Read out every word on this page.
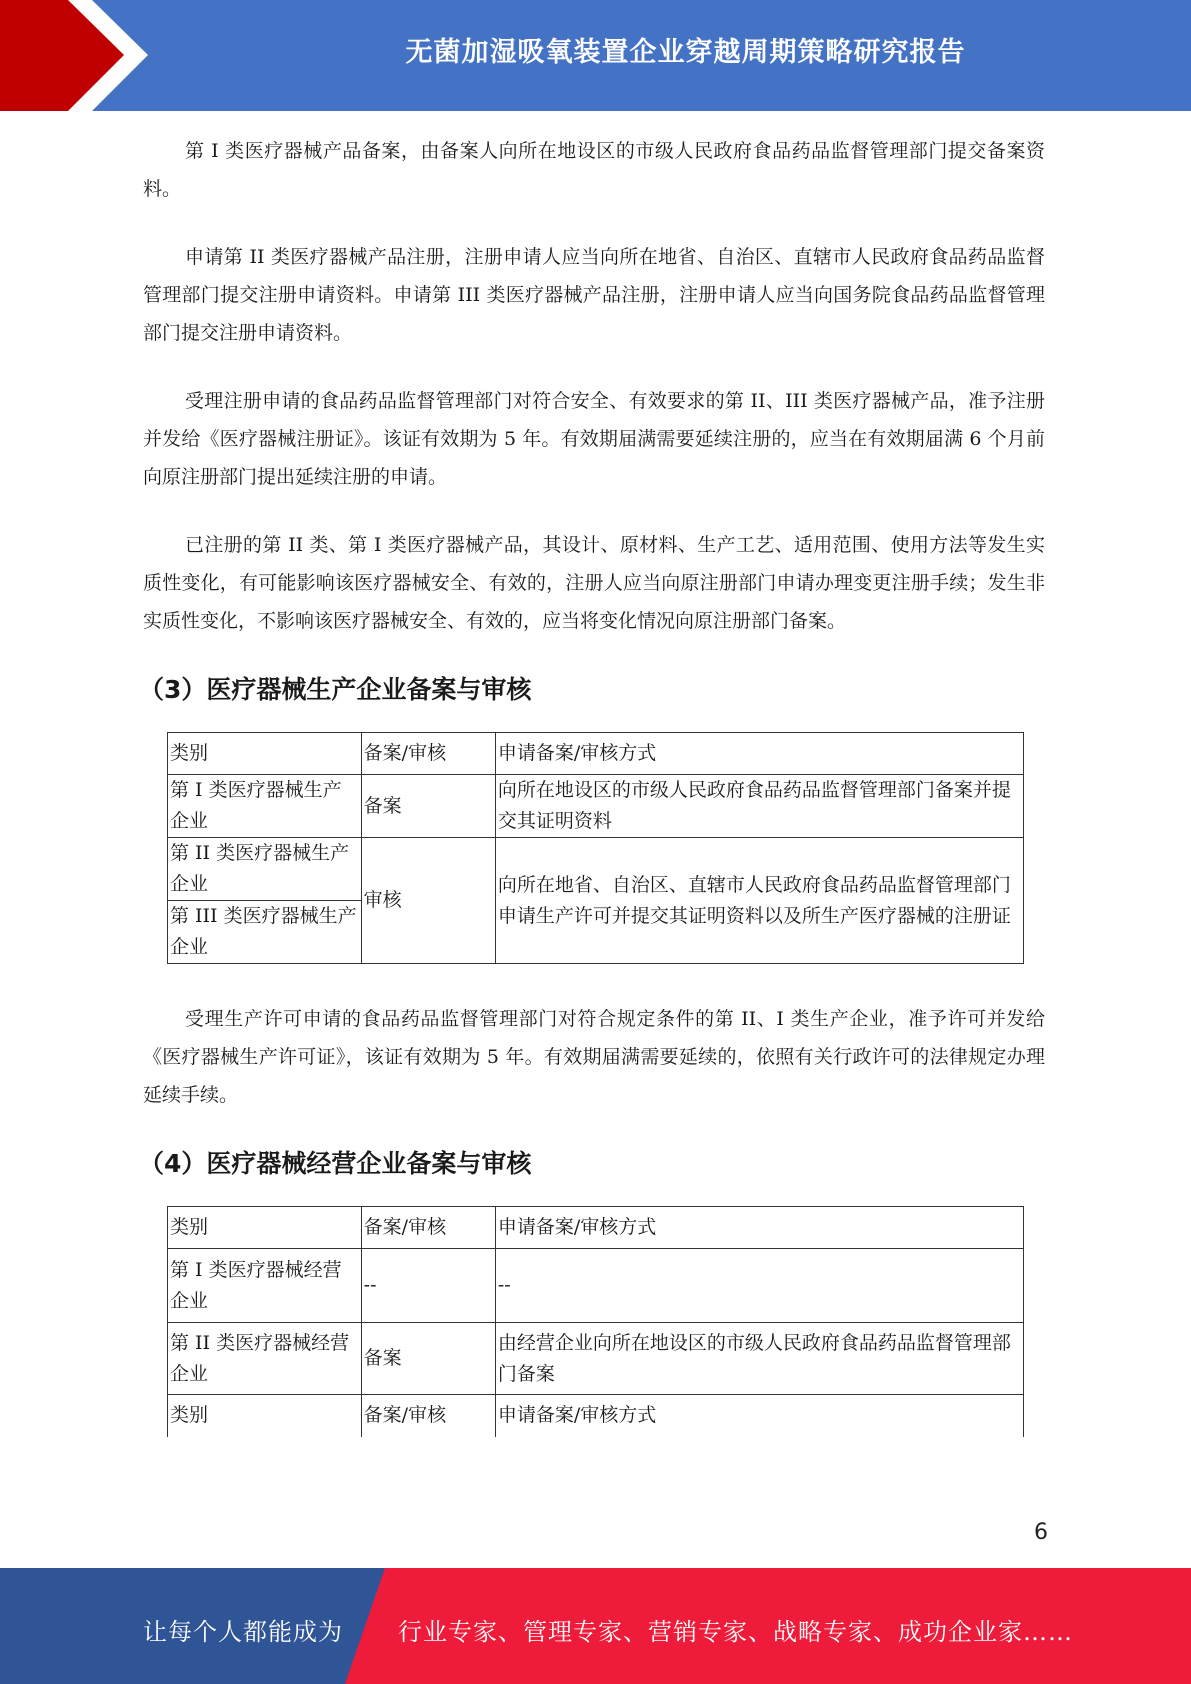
无菌加湿吸氧装置企业穿越周期策略研究报告

第 I 类医疗器械产品备案，由备案人向所在地设区的市级人民政府食品药品监督管理部门提交备案资料。

申请第 II 类医疗器械产品注册，注册申请人应当向所在地省、自治区、直辖市人民政府食品药品监督管理部门提交注册申请资料。申请第 III 类医疗器械产品注册，注册申请人应当向国务院食品药品监督管理部门提交注册申请资料。

受理注册申请的食品药品监督管理部门对符合安全、有效要求的第 II、III 类医疗器械产品，准予注册并发给《医疗器械注册证》。该证有效期为 5 年。有效期届满需要延续注册的，应当在有效期届满 6 个月前向原注册部门提出延续注册的申请。

已注册的第 II 类、第 I 类医疗器械产品，其设计、原材料、生产工艺、适用范围、使用方法等发生实质性变化，有可能影响该医疗器械安全、有效的，注册人应当向原注册部门申请办理变更注册手续；发生非实质性变化，不影响该医疗器械安全、有效的，应当将变化情况向原注册部门备案。

（3）医疗器械生产企业备案与审核
类别	备案/审核	申请备案/审核方式
第 I 类医疗器械生产企业	备案	向所在地设区的市级人民政府食品药品监督管理部门备案并提交其证明资料
第 II 类医疗器械生产企业	审核	向所在地省、自治区、直辖市人民政府食品药品监督管理部门申请生产许可并提交其证明资料以及所生产医疗器械的注册证
第 III 类医疗器械生产企业		

受理生产许可申请的食品药品监督管理部门对符合规定条件的第 II、I 类生产企业，准予许可并发给《医疗器械生产许可证》，该证有效期为 5 年。有效期届满需要延续的，依照有关行政许可的法律规定办理延续手续。

（4）医疗器械经营企业备案与审核
类别	备案/审核	申请备案/审核方式
第 I 类医疗器械经营企业	--	--
第 II 类医疗器械经营企业	备案	由经营企业向所在地设区的市级人民政府食品药品监督管理部门备案
类别	备案/审核	申请备案/审核方式
6
让每个人都能成为 行业专家、管理专家、营销专家、战略专家、成功企业家……
